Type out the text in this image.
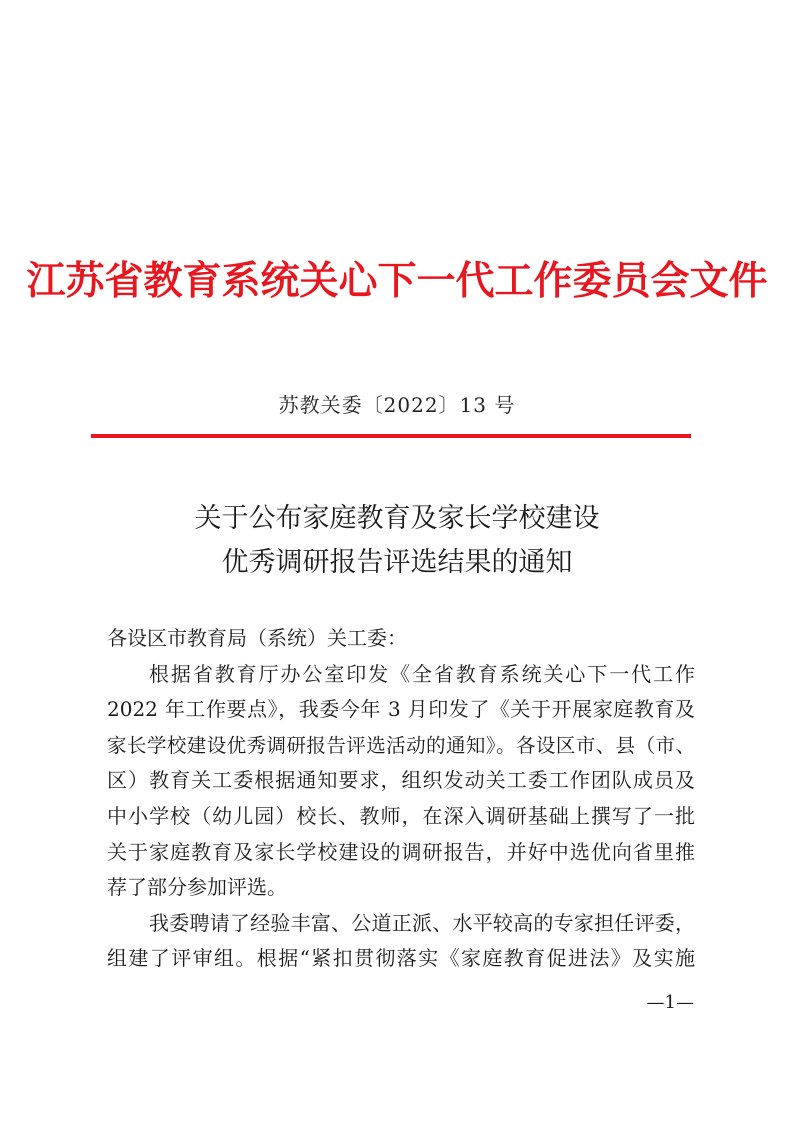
江苏省教育系统关心下一代工作委员会文件
苏教关委〔2022〕13 号
关于公布家庭教育及家长学校建设
优秀调研报告评选结果的通知
各设区市教育局（系统）关工委：
根据省教育厅办公室印发《全省教育系统关心下一代工作
2022 年工作要点》，我委今年 3 月印发了《关于开展家庭教育及
家长学校建设优秀调研报告评选活动的通知》。各设区市、县（市、
区）教育关工委根据通知要求，组织发动关工委工作团队成员及
中小学校（幼儿园）校长、教师，在深入调研基础上撰写了一批
关于家庭教育及家长学校建设的调研报告，并好中选优向省里推
荐了部分参加评选。
我委聘请了经验丰富、公道正派、水平较高的专家担任评委，
组建了评审组。根据“紧扣贯彻落实《家庭教育促进法》及实施
—1—
